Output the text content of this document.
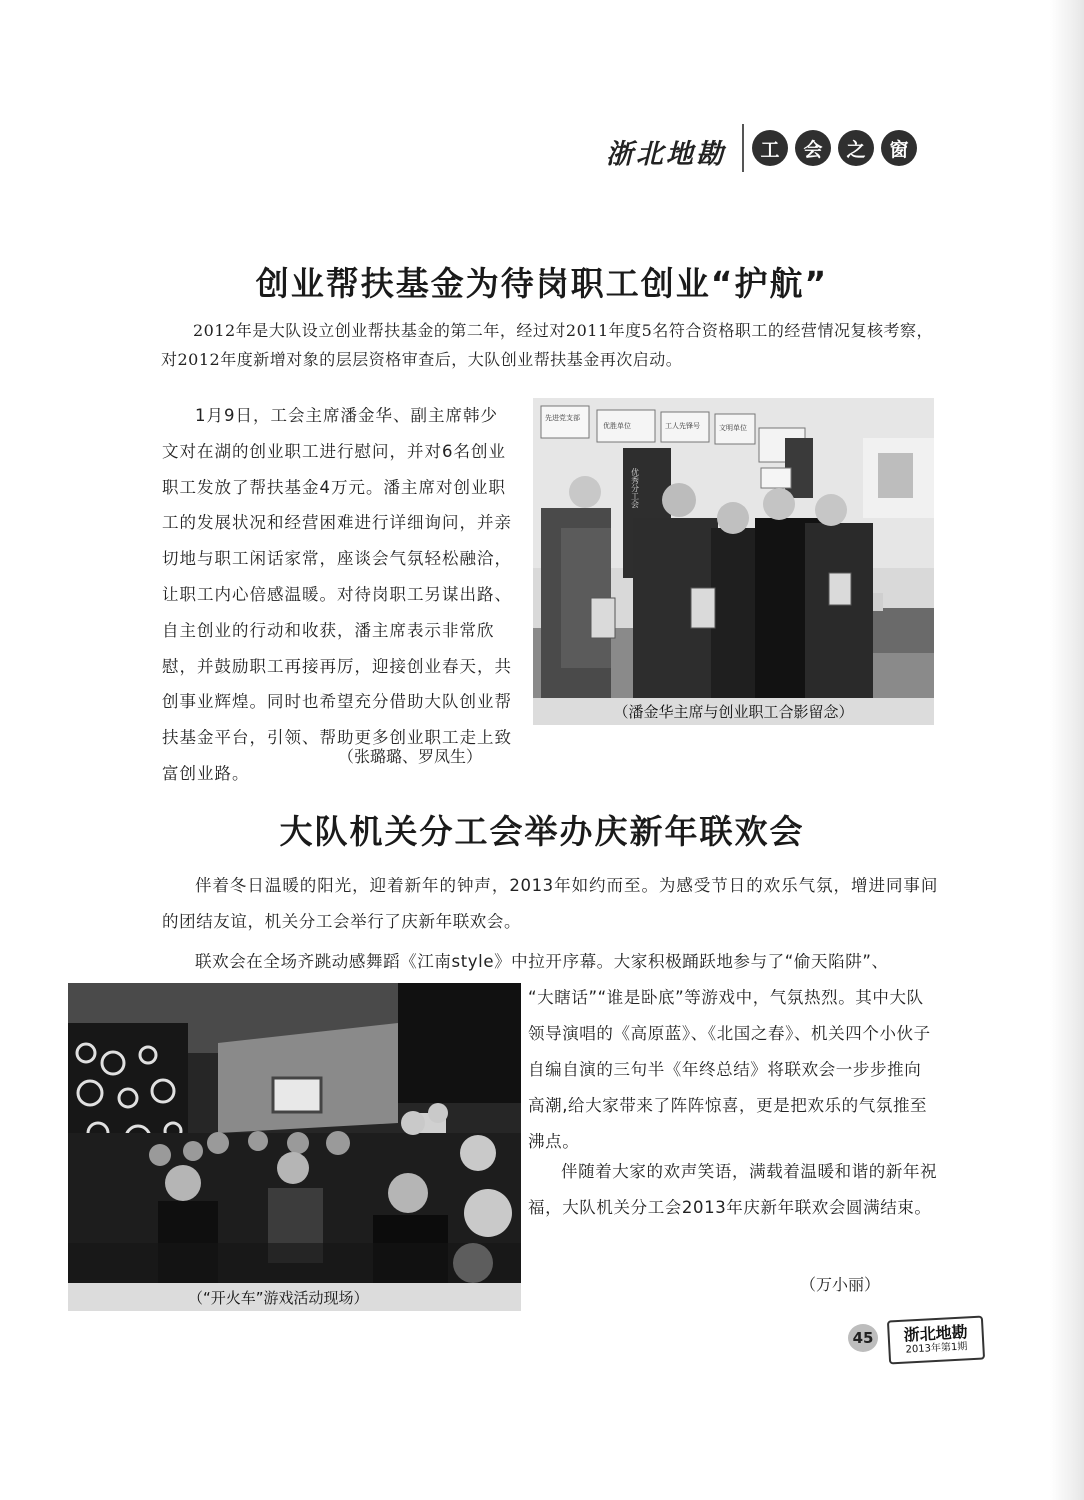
浙北地勘	工	会	之	窗
创业帮扶基金为待岗职工创业“护航”
2012年是大队设立创业帮扶基金的第二年，经过对2011年度5名符合资格职工的经营情况复核考察，对2012年度新增对象的层层资格审查后，大队创业帮扶基金再次启动。
1月9日，工会主席潘金华、副主席韩少文对在湖的创业职工进行慰问，并对6名创业职工发放了帮扶基金4万元。潘主席对创业职工的发展状况和经营困难进行详细询问，并亲切地与职工闲话家常，座谈会气氛轻松融洽，让职工内心倍感温暖。对待岗职工另谋出路、自主创业的行动和收获，潘主席表示非常欣慰，并鼓励职工再接再厉，迎接创业春天，共创事业辉煌。同时也希望充分借助大队创业帮扶基金平台，引领、帮助更多创业职工走上致富创业路。
（张璐璐、罗凤生）
先进党支部
优胜单位	工人先锋号	文明单位
优秀分工会
（潘金华主席与创业职工合影留念）
大队机关分工会举办庆新年联欢会
伴着冬日温暖的阳光，迎着新年的钟声，2013年如约而至。为感受节日的欢乐气氛，增进同事间的团结友谊，机关分工会举行了庆新年联欢会。
联欢会在全场齐跳动感舞蹈《江南style》中拉开序幕。大家积极踊跃地参与了“偷天陷阱”、
“大瞎话”“谁是卧底”等游戏中，气氛热烈。其中大队领导演唱的《高原蓝》、《北国之春》、机关四个小伙子自编自演的三句半《年终总结》将联欢会一步步推向高潮,给大家带来了阵阵惊喜，更是把欢乐的气氛推至沸点。
伴随着大家的欢声笑语，满载着温暖和谐的新年祝福，大队机关分工会2013年庆新年联欢会圆满结束。
（万小丽）
（“开火车”游戏活动现场）
45 浙北地勘
2013年第1期
